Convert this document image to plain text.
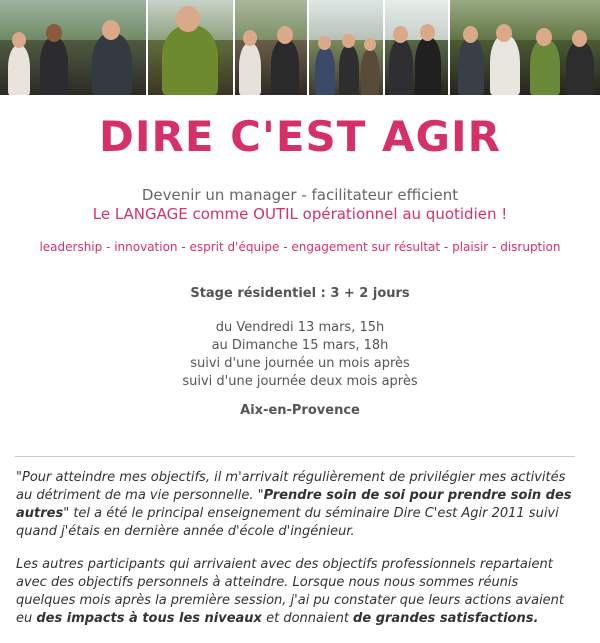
DIRE C'EST AGIR
Devenir un manager - facilitateur efficient
Le LANGAGE comme OUTIL opérationnel au quotidien !
leadership - innovation - esprit d'équipe - engagement sur résultat - plaisir - disruption
Stage résidentiel : 3 + 2 jours
du Vendredi 13 mars, 15h
au Dimanche 15 mars, 18h
suivi d'une journée un mois après
suivi d'une journée deux mois après
Aix-en-Provence

"Pour atteindre mes objectifs, il m'arrivait régulièrement de privilégier mes activités au détriment de ma vie personnelle. "Prendre soin de soi pour prendre soin des autres" tel a été le principal enseignement du séminaire Dire C'est Agir 2011 suivi quand j'étais en dernière année d'école d'ingénieur.

Les autres participants qui arrivaient avec des objectifs professionnels repartaient avec des objectifs personnels à atteindre. Lorsque nous nous sommes réunis quelques mois après la première session, j'ai pu constater que leurs actions avaient eu des impacts à tous les niveaux et donnaient de grandes satisfactions.
